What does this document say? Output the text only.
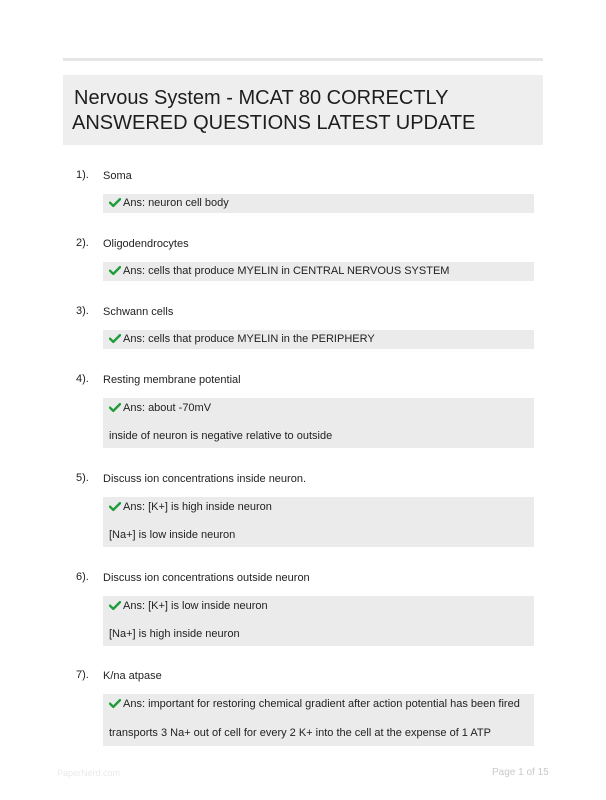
Nervous System - MCAT 80 CORRECTLY
ANSWERED QUESTIONS LATEST UPDATE
1). Soma
Ans: neuron cell body
2). Oligodendrocytes
Ans: cells that produce MYELIN in CENTRAL NERVOUS SYSTEM
3). Schwann cells
Ans: cells that produce MYELIN in the PERIPHERY
4). Resting membrane potential
Ans: about -70mV
inside of neuron is negative relative to outside
5). Discuss ion concentrations inside neuron.
Ans: [K+] is high inside neuron
[Na+] is low inside neuron
6). Discuss ion concentrations outside neuron
Ans: [K+] is low inside neuron
[Na+] is high inside neuron
7). K/na atpase
Ans: important for restoring chemical gradient after action potential has been fired
transports 3 Na+ out of cell for every 2 K+ into the cell at the expense of 1 ATP
PaperNerd.com	Page 1 of 15
